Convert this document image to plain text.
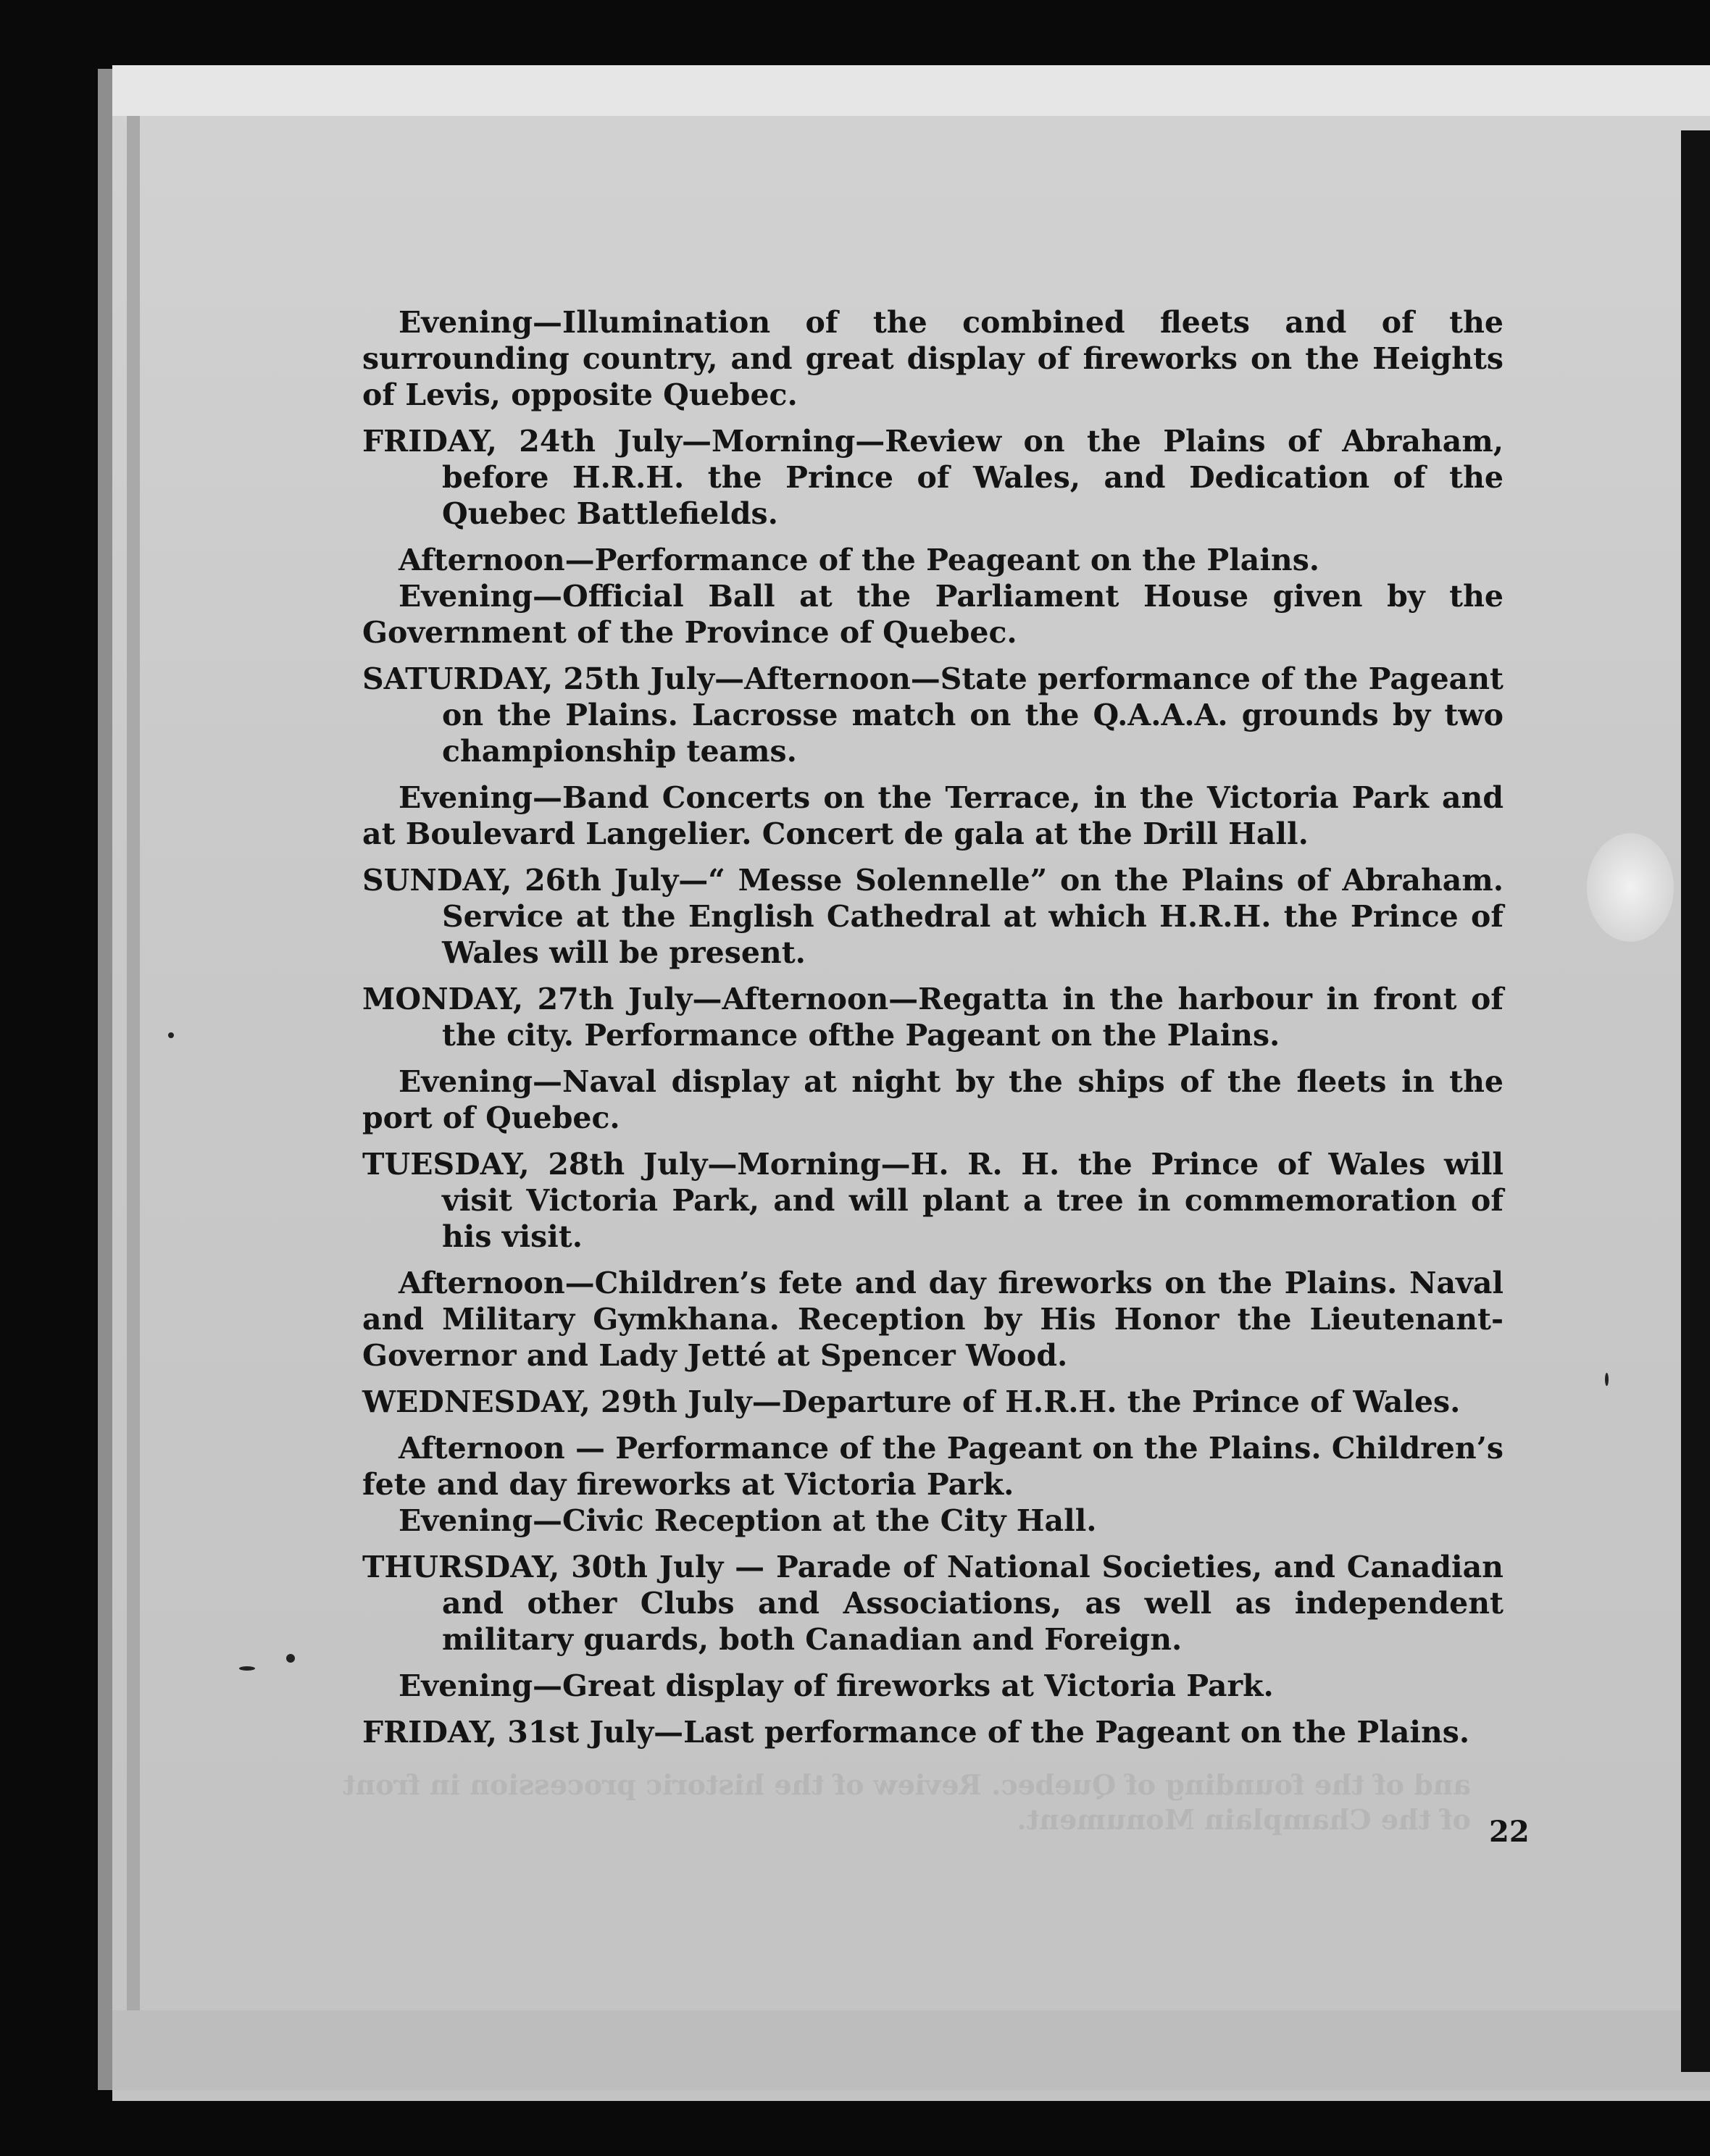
and of the founding of Quebec. Review of the historic procession in front of the Champlain Monument.
Evening—Illumination of the combined fleets and of the surrounding country, and great display of fireworks on the Heights of Levis, opposite Quebec.
FRIDAY, 24th July—Morning—Review on the Plains of Abraham, before H.R.H. the Prince of Wales, and Dedication of the Quebec Battlefields.
Afternoon—Performance of the Peageant on the Plains.
Evening—Official Ball at the Parliament House given by the Government of the Province of Quebec.
SATURDAY, 25th July—Afternoon—State performance of the Pageant on the Plains. Lacrosse match on the Q.A.A.A. grounds by two championship teams.
Evening—Band Concerts on the Terrace, in the Victoria Park and at Boulevard Langelier. Concert de gala at the Drill Hall.
SUNDAY, 26th July—“ Messe Solennelle” on the Plains of Abraham. Service at the English Cathedral at which H.R.H. the Prince of Wales will be present.
MONDAY, 27th July—Afternoon—Regatta in the harbour in front of the city. Performance ofthe Pageant on the Plains.
Evening—Naval display at night by the ships of the fleets in the port of Quebec.
TUESDAY, 28th July—Morning—H. R. H. the Prince of Wales will visit Victoria Park, and will plant a tree in commemoration of his visit.
Afternoon—Children’s fete and day fireworks on the Plains. Naval and Military Gymkhana. Reception by His Honor the Lieutenant-Governor and Lady Jetté at Spencer Wood.
WEDNESDAY, 29th July—Departure of H.R.H. the Prince of Wales.
Afternoon — Performance of the Pageant on the Plains. Children’s fete and day fireworks at Victoria Park.
Evening—Civic Reception at the City Hall.
THURSDAY, 30th July — Parade of National Societies, and Canadian and other Clubs and Associations, as well as independent military guards, both Canadian and Foreign.
Evening—Great display of fireworks at Victoria Park.
FRIDAY, 31st July—Last performance of the Pageant on the Plains.
22
